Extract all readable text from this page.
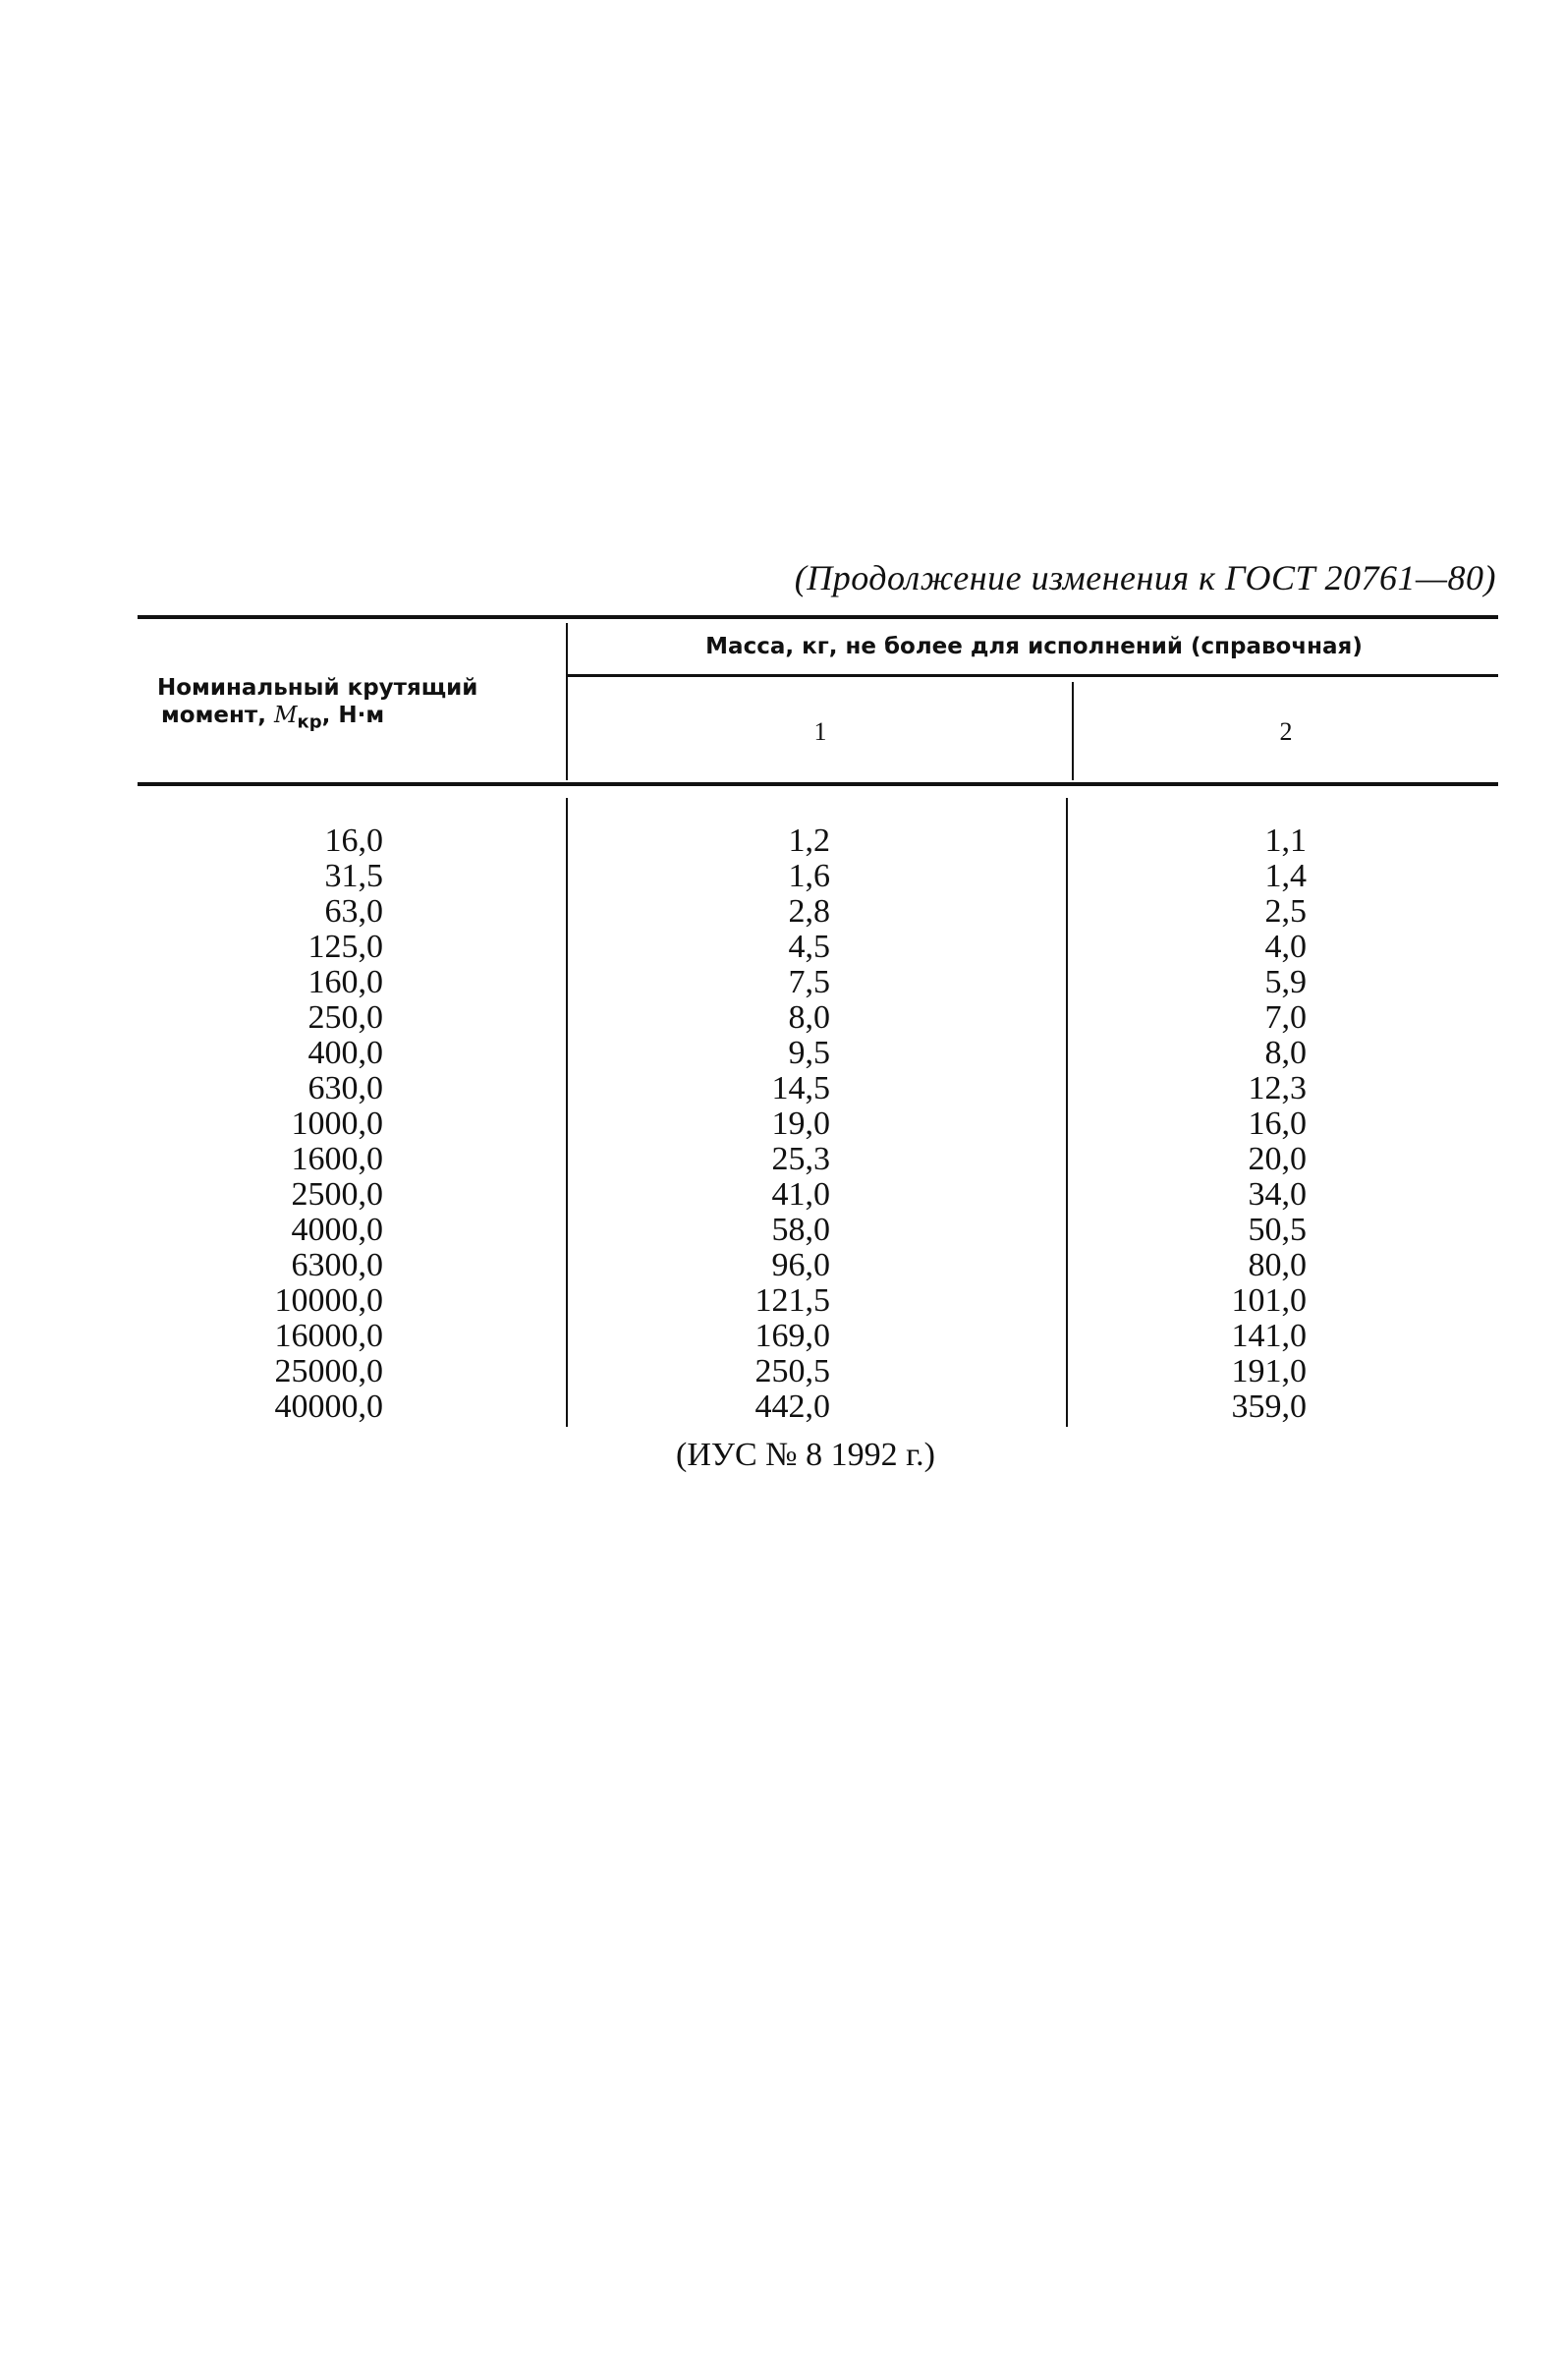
(Продолжение изменения к ГОСТ 20761—80)
Номинальный крутящий
момент, $M_{кр}$, Н·м
Масса, кг, не более для исполнений (справочная)
1	2
16,0
31,5
63,0
125,0
160,0
250,0
400,0
630,0
1000,0
1600,0
2500,0
4000,0
6300,0
10000,0
16000,0
25000,0
40000,0
1,2
1,6
2,8
4,5
7,5
8,0
9,5
14,5
19,0
25,3
41,0
58,0
96,0
121,5
169,0
250,5
442,0
1,1
1,4
2,5
4,0
5,9
7,0
8,0
12,3
16,0
20,0
34,0
50,5
80,0
101,0
141,0
191,0
359,0
(ИУС № 8 1992 г.)
